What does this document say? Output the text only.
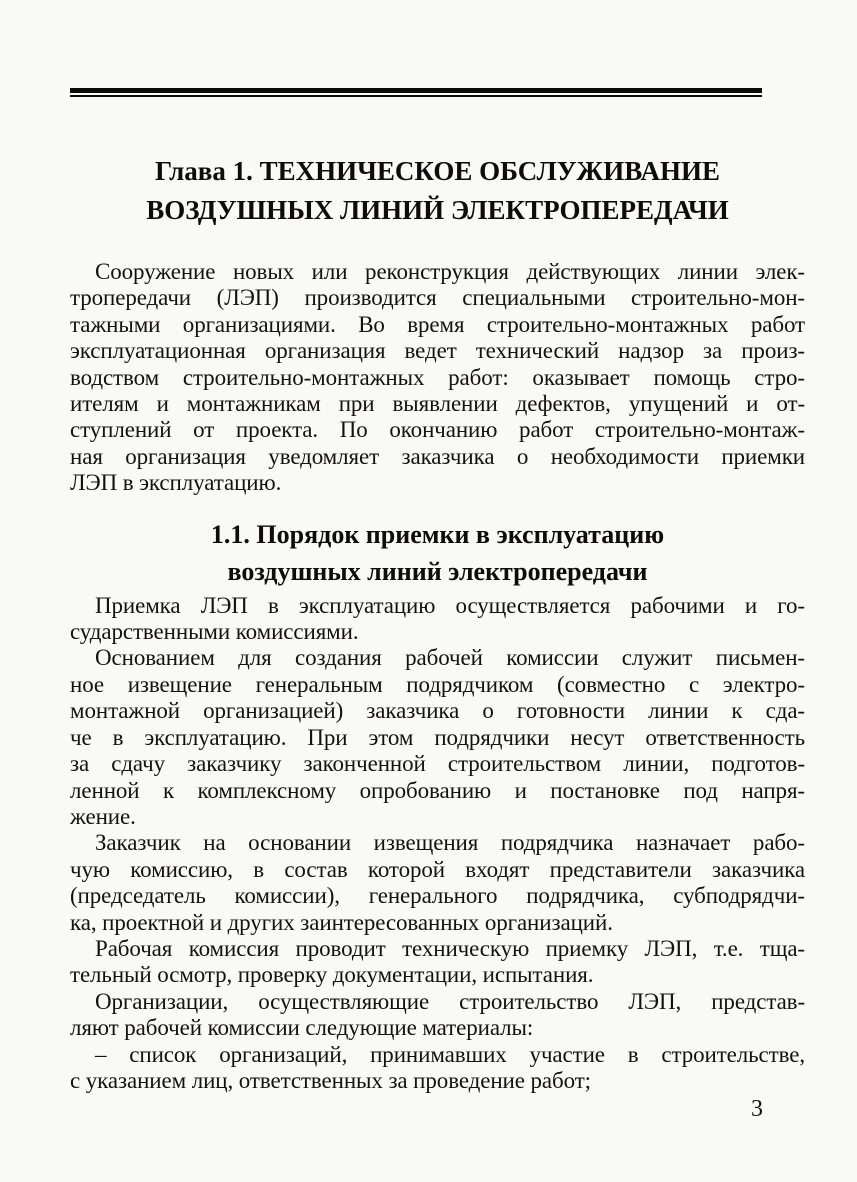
Глава 1. ТЕХНИЧЕСКОЕ ОБСЛУЖИВАНИЕ
ВОЗДУШНЫХ ЛИНИЙ ЭЛЕКТРОПЕРЕДАЧИ

Сооружение новых или реконструкция действующих линии элек-
тропередачи (ЛЭП) производится специальными строительно-мон-
тажными организациями. Во время строительно-монтажных работ
эксплуатационная организация ведет технический надзор за произ-
водством строительно-монтажных работ: оказывает помощь стро-
ителям и монтажникам при выявлении дефектов, упущений и от-
ступлений от проекта. По окончанию работ строительно-монтаж-
ная организация уведомляет заказчика о необходимости приемки
ЛЭП в эксплуатацию.

1.1. Порядок приемки в эксплуатацию
воздушных линий электропередачи

Приемка ЛЭП в эксплуатацию осуществляется рабочими и го-
сударственными комиссиями.

Основанием для создания рабочей комиссии служит письмен-
ное извещение генеральным подрядчиком (совместно с электро-
монтажной организацией) заказчика о готовности линии к сда-
че в эксплуатацию. При этом подрядчики несут ответственность
за сдачу заказчику законченной строительством линии, подготов-
ленной к комплексному опробованию и постановке под напря-
жение.

Заказчик на основании извещения подрядчика назначает рабо-
чую комиссию, в состав которой входят представители заказчика
(председатель комиссии), генерального подрядчика, субподрядчи-
ка, проектной и других заинтересованных организаций.

Рабочая комиссия проводит техническую приемку ЛЭП, т.е. тща-
тельный осмотр, проверку документации, испытания.

Организации, осуществляющие строительство ЛЭП, представ-
ляют рабочей комиссии следующие материалы:

– список организаций, принимавших участие в строительстве,
с указанием лиц, ответственных за проведение работ;

3
